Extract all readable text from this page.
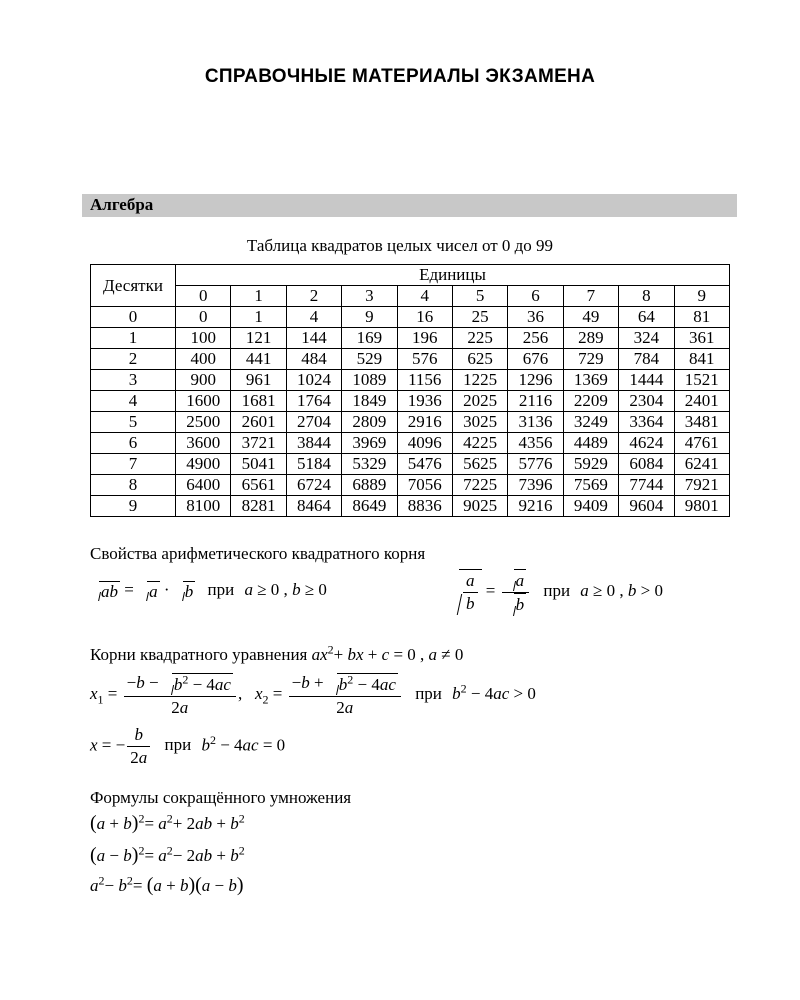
СПРАВОЧНЫЕ МАТЕРИАЛЫ ЭКЗАМЕНА
Алгебра
Таблица квадратов целых чисел от 0 до 99
Десятки	Единицы									
	0	1	2	3	4	5	6	7	8	9
0	0	1	4	9	16	25	36	49	64	81
1	100	121	144	169	196	225	256	289	324	361
2	400	441	484	529	576	625	676	729	784	841
3	900	961	1024	1089	1156	1225	1296	1369	1444	1521
4	1600	1681	1764	1849	1936	2025	2116	2209	2304	2401
5	2500	2601	2704	2809	2916	3025	3136	3249	3364	3481
6	3600	3721	3844	3969	4096	4225	4356	4489	4624	4761
7	4900	5041	5184	5329	5476	5625	5776	5929	6084	6241
8	6400	6561	6724	6889	7056	7225	7396	7569	7744	7921
9	8100	8281	8464	8649	8836	9025	9216	9409	9604	9801
Свойства арифметического квадратного корня
ab = a · b при a ≥ 0 , b ≥ 0	$\frac{a}{b} = \frac{a}{b}$ при a ≥ 0 , b > 0
Корни квадратного уравнения $ax^2+$ bx + c = 0 , a ≠ 0
$x_1 = \frac{-b - b^2 - 4ac}{2a}$ ,   $x_2 = \frac{-b + b^2 - 4ac}{2a}$ при $b^2 - 4ac > 0$
x = − $\frac{b}{2a}$ при $b^2 - 4ac = 0$
Формулы сокращённого умножения
$(a + b)^2= a^2+ 2ab + b^2$
$(a - b)^2= a^2- 2ab + b^2$
$a^2- b^2= (a + b)(a - b)$
